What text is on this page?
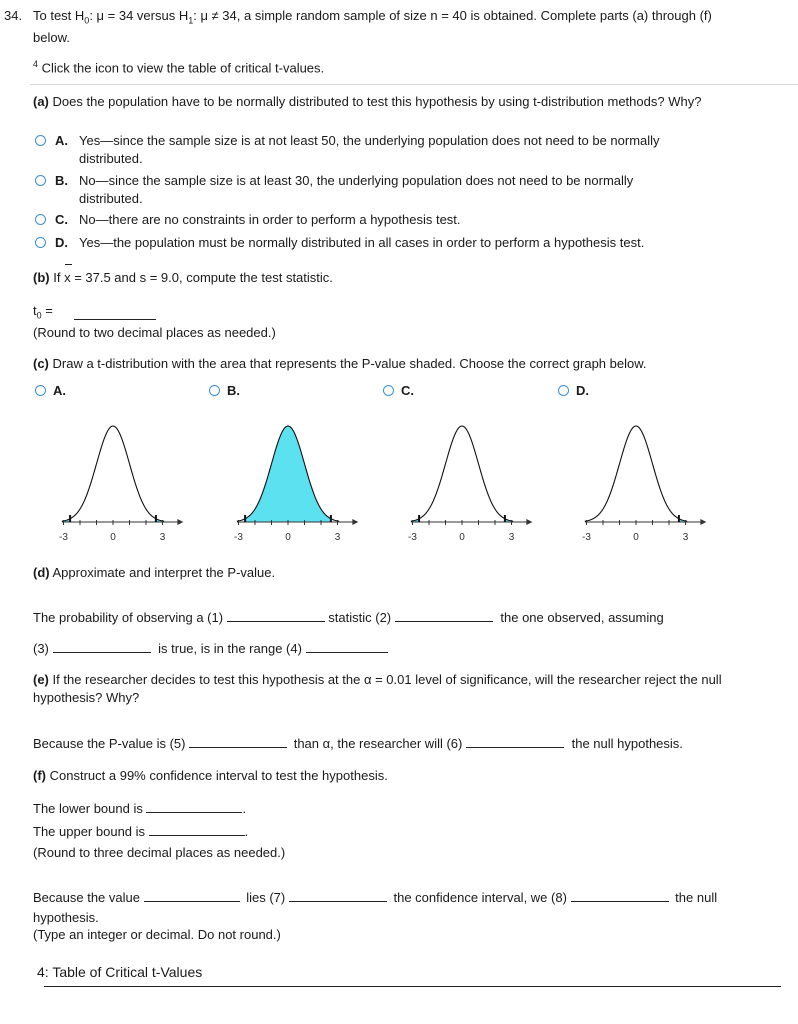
34. To test $H_0$: μ = 34 versus $H_1$: μ ≠ 34, a simple random sample of size n = 40 is obtained. Complete parts (a) through (f)
below.
$^4$ Click the icon to view the table of critical t-values.
(a) Does the population have to be normally distributed to test this hypothesis by using t-distribution methods? Why?
A. Yes—since the sample size is at not least 50, the underlying population does not need to be normally
distributed.
B. No—since the sample size is at least 30, the underlying population does not need to be normally
distributed.
C. No—there are no constraints in order to perform a hypothesis test.
D. Yes—the population must be normally distributed in all cases in order to perform a hypothesis test.
(b) If x = 37.5 and s = 9.0, compute the test statistic.
$t_0$ =
(Round to two decimal places as needed.)
(c) Draw a t-distribution with the area that represents the P-value shaded. Choose the correct graph below.
A.	B.	C.	D.
-3	0	3	-3	0	3	-3	0	3	-3	0	3
(d) Approximate and interpret the P-value.
The probability of observing a (1)	statistic (2)	the one observed, assuming
(3)	is true, is in the range (4)
(e) If the researcher decides to test this hypothesis at the α = 0.01 level of significance, will the researcher reject the null
hypothesis? Why?
Because the P-value is (5)	than α, the researcher will (6)	the null hypothesis.
(f) Construct a 99% confidence interval to test the hypothesis.
The lower bound is	.
The upper bound is	.
(Round to three decimal places as needed.)
Because the value	lies (7)	the confidence interval, we (8)	the null
hypothesis.
(Type an integer or decimal. Do not round.)
4: Table of Critical t-Values
